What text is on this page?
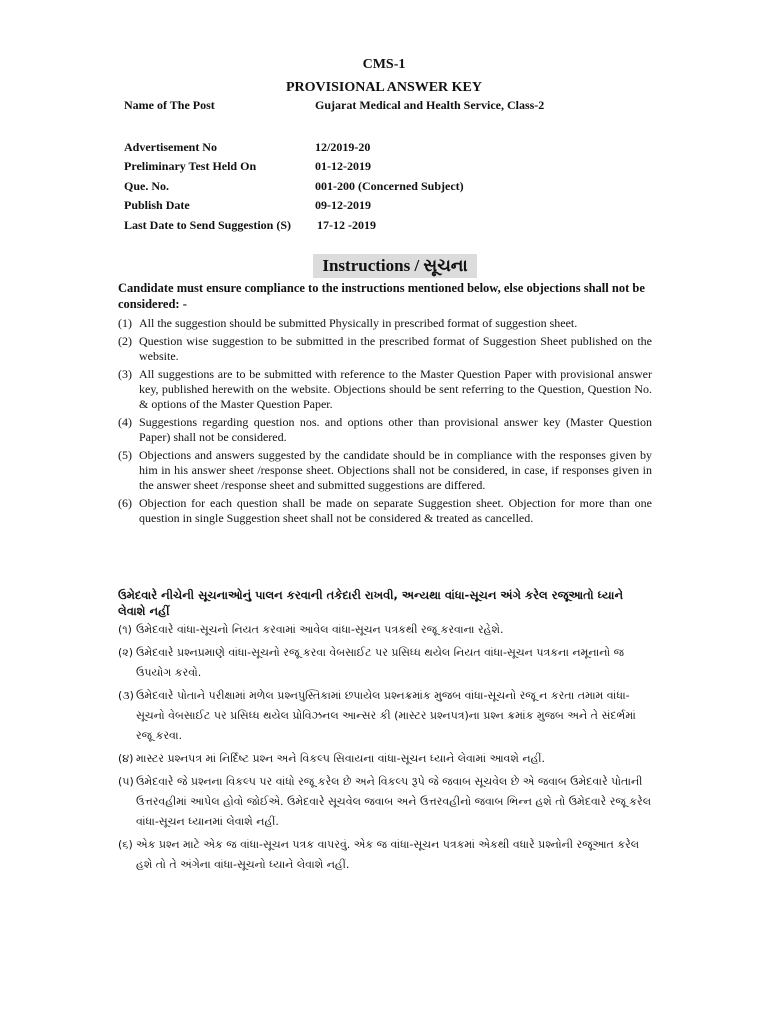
CMS-1
PROVISIONAL ANSWER KEY
Name of The Post	Gujarat Medical and Health Service, Class-2
Advertisement No	12/2019-20
Preliminary Test Held On	01-12-2019
Que. No.	001-200 (Concerned Subject)
Publish Date	09-12-2019
Last Date to Send Suggestion (S) 17-12 -2019
Instructions / સૂચના
Candidate must ensure compliance to the instructions mentioned below, else objections shall not be considered: -
(1) All the suggestion should be submitted Physically in prescribed format of suggestion sheet.
(2) Question wise suggestion to be submitted in the prescribed format of Suggestion Sheet published on the website.
(3) All suggestions are to be submitted with reference to the Master Question Paper with provisional answer key, published herewith on the website. Objections should be sent referring to the Question, Question No. & options of the Master Question Paper.
(4) Suggestions regarding question nos. and options other than provisional answer key (Master Question Paper) shall not be considered.
(5) Objections and answers suggested by the candidate should be in compliance with the responses given by him in his answer sheet /response sheet. Objections shall not be considered, in case, if responses given in the answer sheet /response sheet and submitted suggestions are differed.
(6) Objection for each question shall be made on separate Suggestion sheet. Objection for more than one question in single Suggestion sheet shall not be considered & treated as cancelled.
ઉમેદવારે નીચેની સૂચનાઓનું પાલન કરવાની તકેદારી રાખવી, અન્યથા વાંધા-સૂચન અંગે કરેલ રજૂઆતો ધ્યાને લેવાશે નહીં
(૧) ઉમેદવારે વાંધા-સૂચનો નિયત કરવામાં આવેલ વાંધા-સૂચન પત્રકથી રજૂ કરવાના રહેશે.
(૨) ઉમેદવારે પ્રશ્નપ્રમાણે વાંધા-સૂચનો રજૂ કરવા વેબસાઈટ પર પ્રસિધ્ધ થયેલ નિયત વાંધા-સૂચન પત્રકના નમૂનાનો જ ઉપયોગ કરવો.
(૩) ઉમેદવારે પોતાને પરીક્ષામાં મળેલ પ્રશ્નપુસ્તિકામાં છપાયેલ પ્રશ્નક્રમાંક મુજબ વાંધા-સૂચનો રજૂ ન કરતા તમામ વાંધા-સૂચનો વેબસાઈટ પર પ્રસિધ્ધ થયેલ પ્રોવિઝનલ આન્સર કી (માસ્ટર પ્રશ્નપત્ર)ના પ્રશ્ન ક્રમાંક મુજબ અને તે સંદર્ભમાં રજૂ કરવા.
(૪) માસ્ટર પ્રશ્નપત્ર માં નિર્દિષ્ટ પ્રશ્ન અને વિકલ્પ સિવાયના વાંધા-સૂચન ધ્યાને લેવામાં આવશે નહીં.
(૫) ઉમેદવારે જે પ્રશ્નના વિકલ્પ પર વાંધો રજૂ કરેલ છે અને વિકલ્પ રૂપે જે જવાબ સૂચવેલ છે એ જવાબ ઉમેદવારે પોતાની ઉત્તરવહીમાં આપેલ હોવો જોઈએ. ઉમેદવારે સૂચવેલ જવાબ અને ઉત્તરવહીનો જવાબ ભિન્ન હશે તો ઉમેદવારે રજૂ કરેલ વાંધા-સૂચન ધ્યાનમાં લેવાશે નહીં.
(૬) એક પ્રશ્ન માટે એક જ વાંધા-સૂચન પત્રક વાપરવું. એક જ વાંધા-સૂચન પત્રકમાં એકથી વધારે પ્રશ્નોની રજૂઆત કરેલ હશે તો તે અંગેના વાંધા-સૂચનો ધ્યાને લેવાશે નહીં.
